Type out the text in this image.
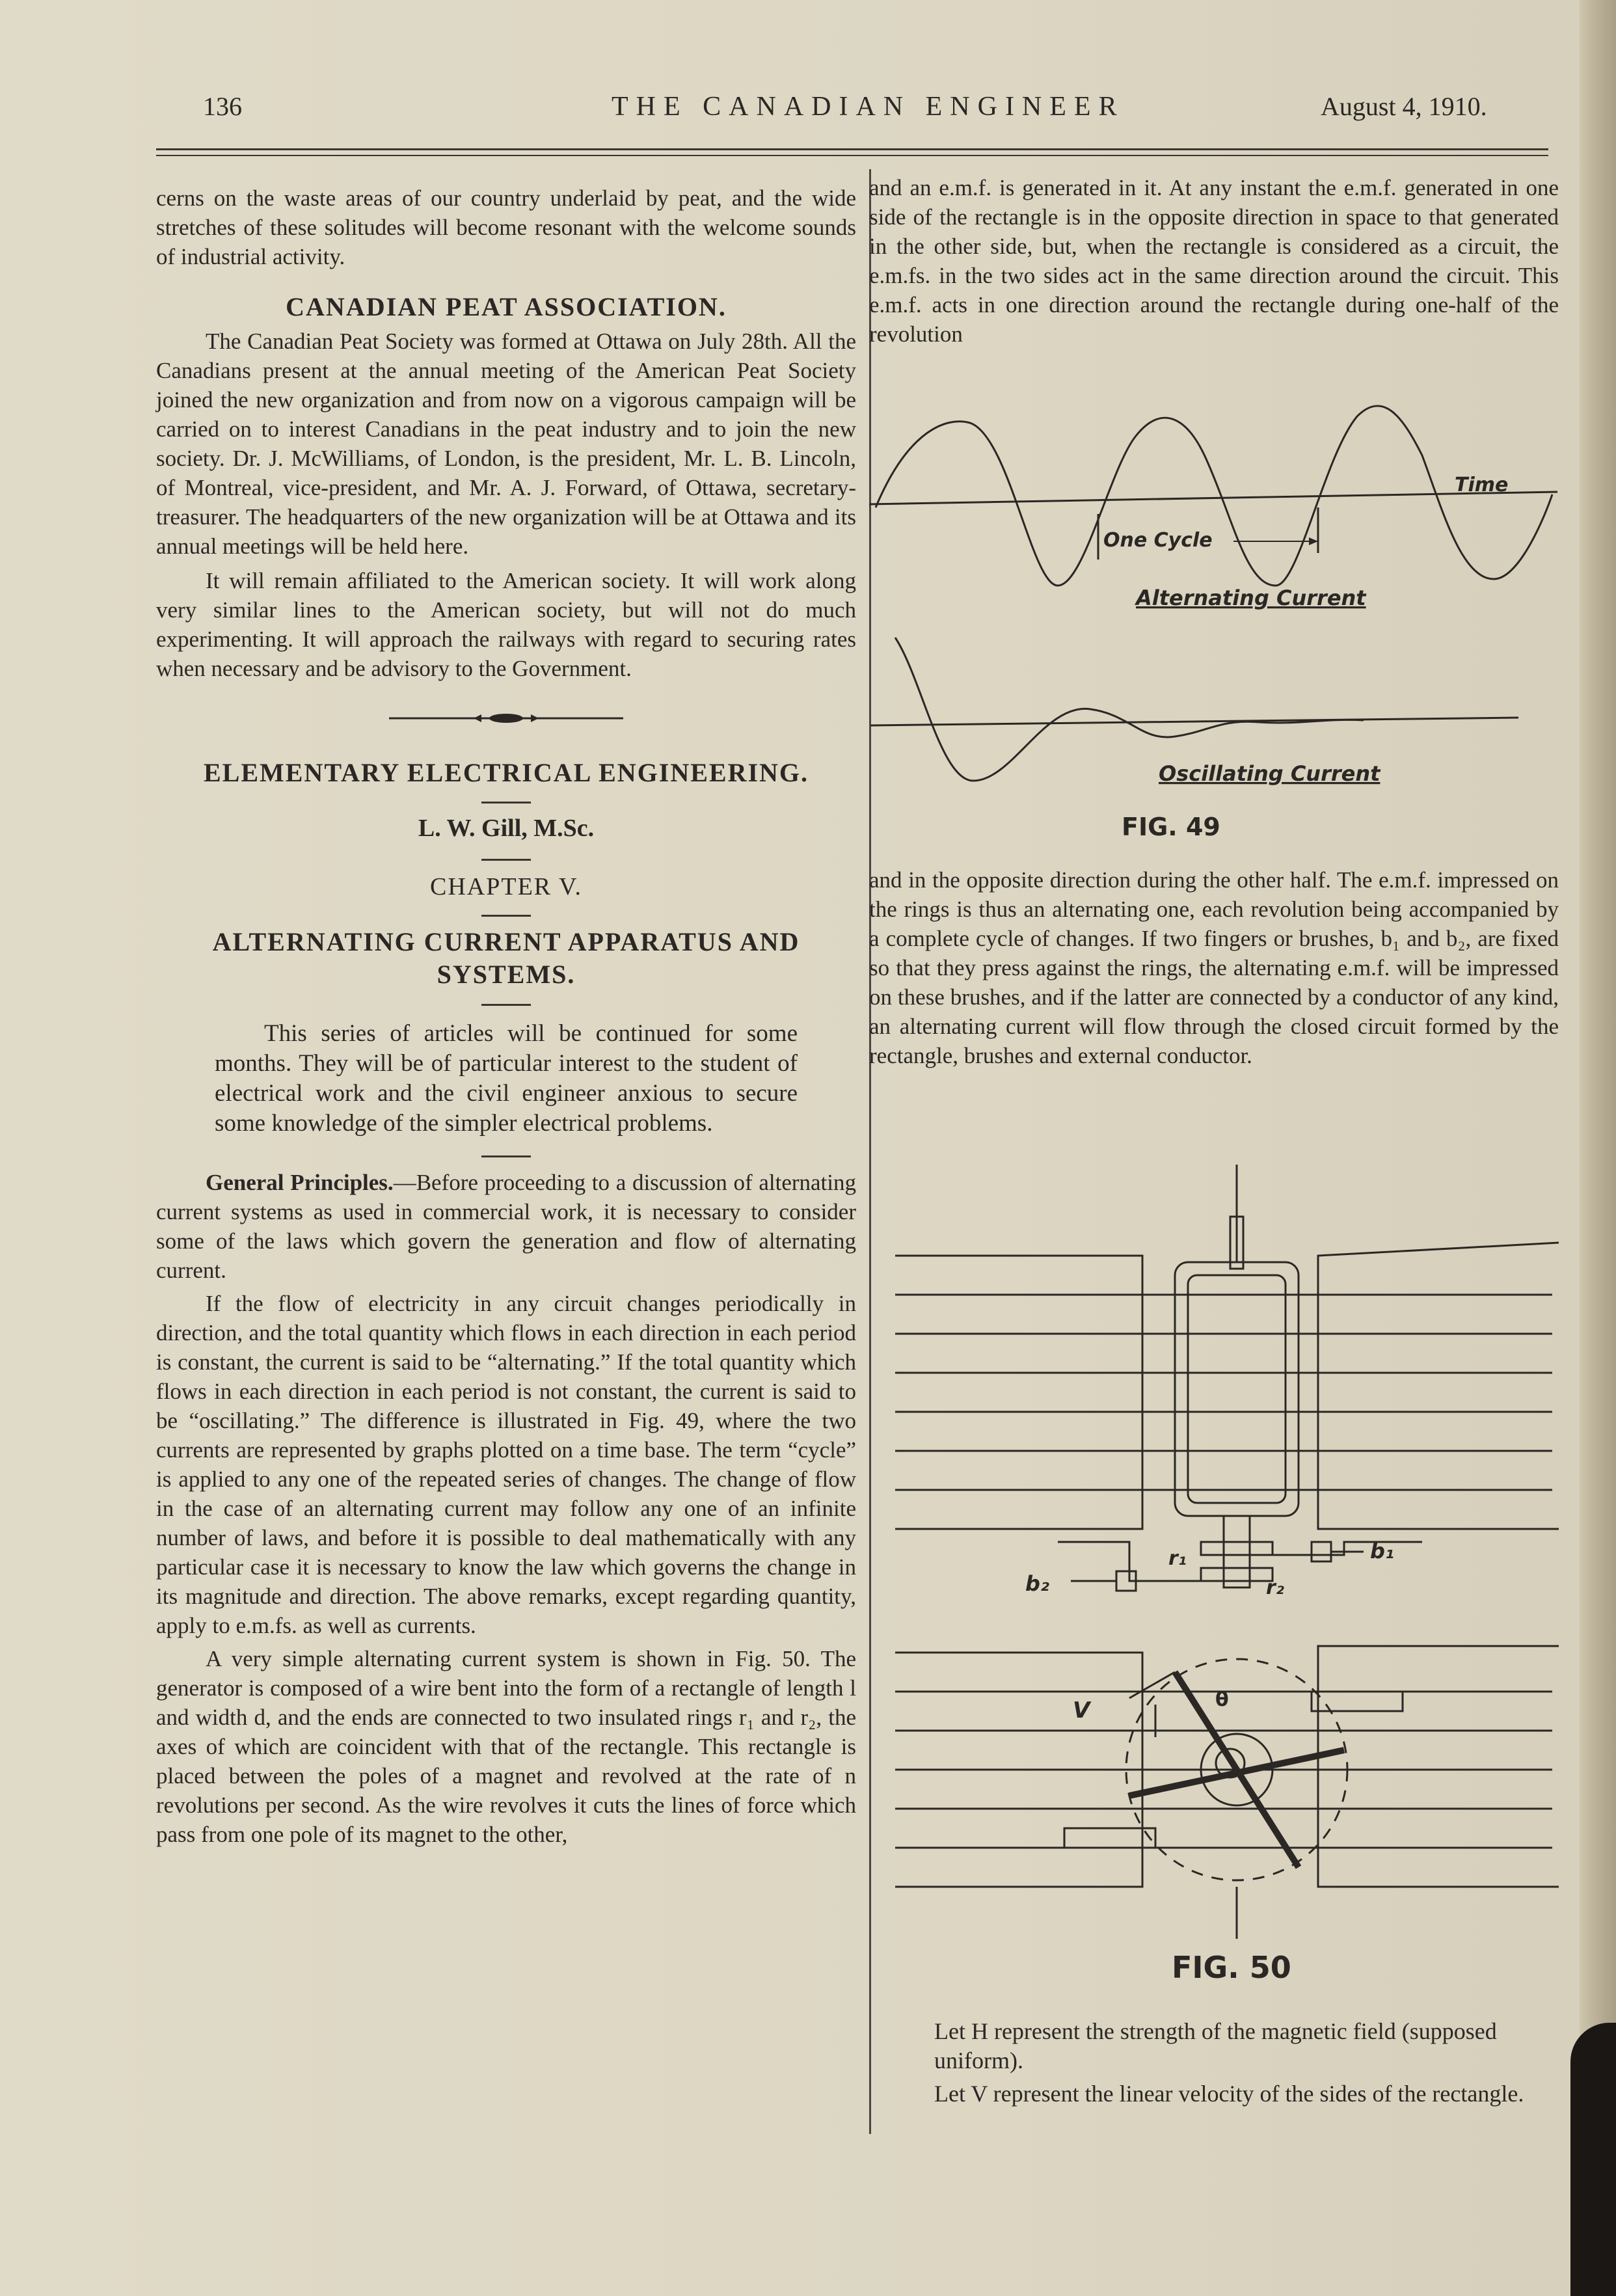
136	THE CANADIAN ENGINEER	August 4, 1910.

cerns on the waste areas of our country underlaid by peat, and the wide stretches of these solitudes will become resonant with the welcome sounds of industrial activity.

CANADIAN PEAT ASSOCIATION.

The Canadian Peat Society was formed at Ottawa on July 28th. All the Canadians present at the annual meeting of the American Peat Society joined the new organization and from now on a vigorous campaign will be carried on to interest Canadians in the peat industry and to join the new society. Dr. J. McWilliams, of London, is the president, Mr. L. B. Lincoln, of Montreal, vice-president, and Mr. A. J. Forward, of Ottawa, secretary-treasurer. The headquarters of the new organization will be at Ottawa and its annual meetings will be held here.

It will remain affiliated to the American society. It will work along very similar lines to the American society, but will not do much experimenting. It will approach the railways with regard to securing rates when necessary and be advisory to the Government.

ELEMENTARY ELECTRICAL ENGINEERING.
L. W. Gill, M.Sc.
CHAPTER V.
ALTERNATING CURRENT APPARATUS AND SYSTEMS.

This series of articles will be continued for some months. They will be of particular interest to the student of electrical work and the civil engineer anxious to secure some knowledge of the simpler electrical problems.

General Principles.—Before proceeding to a discussion of alternating current systems as used in commercial work, it is necessary to consider some of the laws which govern the generation and flow of alternating current.

If the flow of electricity in any circuit changes periodically in direction, and the total quantity which flows in each direction in each period is constant, the current is said to be “alternating.” If the total quantity which flows in each direction in each period is not constant, the current is said to be “oscillating.” The difference is illustrated in Fig. 49, where the two currents are represented by graphs plotted on a time base. The term “cycle” is applied to any one of the repeated series of changes. The change of flow in the case of an alternating current may follow any one of an infinite number of laws, and before it is possible to deal mathematically with any particular case it is necessary to know the law which governs the change in its magnitude and direction. The above remarks, except regarding quantity, apply to e.m.fs. as well as currents.

A very simple alternating current system is shown in Fig. 50. The generator is composed of a wire bent into the form of a rectangle of length l and width d, and the ends are connected to two insulated rings r₁ and r₂, the axes of which are coincident with that of the rectangle. This rectangle is placed between the poles of a magnet and revolved at the rate of n revolutions per second. As the wire revolves it cuts the lines of force which pass from one pole of its magnet to the other,

and an e.m.f. is generated in it. At any instant the e.m.f. generated in one side of the rectangle is in the opposite direction in space to that generated in the other side, but, when the rectangle is considered as a circuit, the e.m.fs. in the two sides act in the same direction around the circuit. This e.m.f. acts in one direction around the rectangle during one-half of the revolution

One Cycle
Time
Alternating Current
Oscillating Current
FIG. 49

and in the opposite direction during the other half. The e.m.f. impressed on the rings is thus an alternating one, each revolution being accompanied by a complete cycle of changes. If two fingers or brushes, b₁ and b₂, are fixed so that they press against the rings, the alternating e.m.f. will be impressed on these brushes, and if the latter are connected by a conductor of any kind, an alternating current will flow through the closed circuit formed by the rectangle, brushes and external conductor.

r₁
r₂
b₁
b₂
V	θ
FIG. 50

Let H represent the strength of the magnetic field (supposed uniform).

Let V represent the linear velocity of the sides of the rectangle.
